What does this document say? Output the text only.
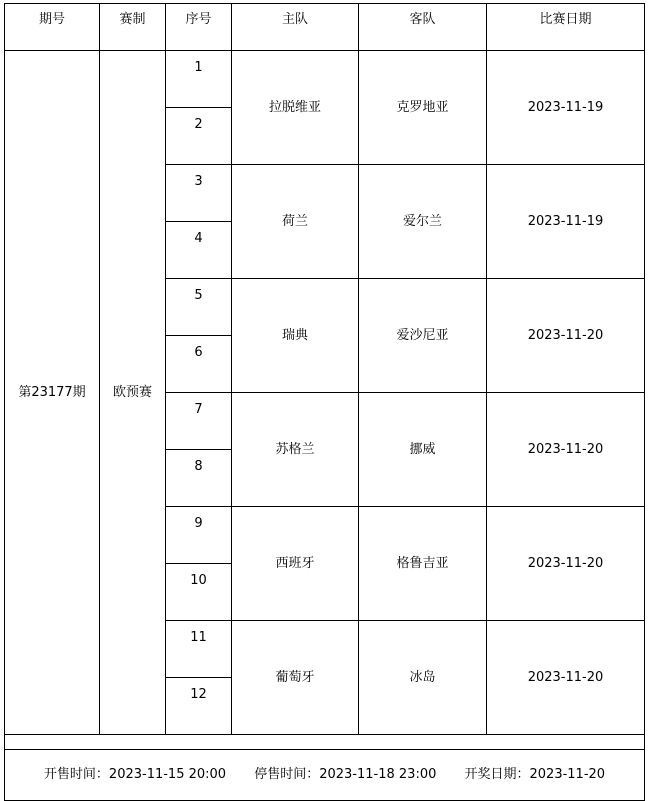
期号	赛制	序号	主队	客队	比赛日期
第23177期	欧预赛	1	拉脱维亚	克罗地亚	2023-11-19
		2			
		3	荷兰	爱尔兰	2023-11-19
		4			
		5	瑞典	爱沙尼亚	2023-11-20
		6			
		7	苏格兰	挪威	2023-11-20
		8			
		9	西班牙	格鲁吉亚	2023-11-20
		10			
		11	葡萄牙	冰岛	2023-11-20
		12			

开售时间：2023-11-15 20:00 停售时间：2023-11-18 23:00 开奖日期：2023-11-20					
